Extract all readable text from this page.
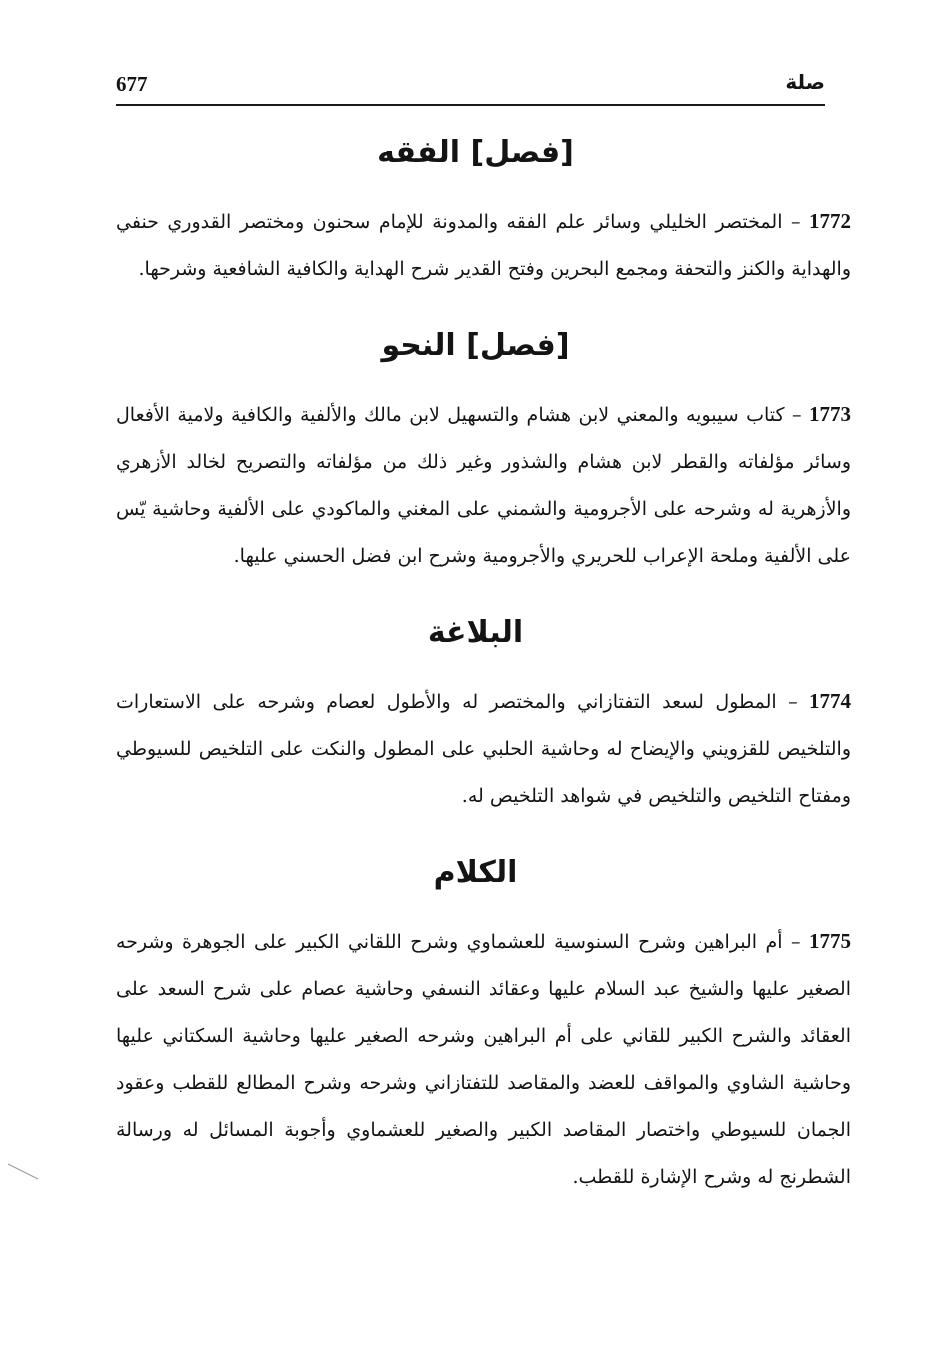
677	صلة
[فصل] الفقه

1772 – المختصر الخليلي وسائر علم الفقه والمدونة للإمام سحنون ومختصر القدوري حنفي والهداية والكنز والتحفة ومجمع البحرين وفتح القدير شرح الهداية والكافية الشافعية وشرحها.

[فصل] النحو

1773 – كتاب سيبويه والمعني لابن هشام والتسهيل لابن مالك والألفية والكافية ولامية الأفعال وسائر مؤلفاته والقطر لابن هشام والشذور وغير ذلك من مؤلفاته والتصريح لخالد الأزهري والأزهرية له وشرحه على الأجرومية والشمني على المغني والماكودي على الألفية وحاشية يّس على الألفية وملحة الإعراب للحريري والأجرومية وشرح ابن فضل الحسني عليها.

البلاغة

1774 – المطول لسعد التفتازاني والمختصر له والأطول لعصام وشرحه على الاستعارات والتلخيص للقزويني والإيضاح له وحاشية الحلبي على المطول والنكت على التلخيص للسيوطي ومفتاح التلخيص والتلخيص في شواهد التلخيص له.

الكلام

1775 – أم البراهين وشرح السنوسية للعشماوي وشرح اللقاني الكبير على الجوهرة وشرحه الصغير عليها والشيخ عبد السلام عليها وعقائد النسفي وحاشية عصام على شرح السعد على العقائد والشرح الكبير للقاني على أم البراهين وشرحه الصغير عليها وحاشية السكتاني عليها وحاشية الشاوي والمواقف للعضد والمقاصد للتفتازاني وشرحه وشرح المطالع للقطب وعقود الجمان للسيوطي واختصار المقاصد الكبير والصغير للعشماوي وأجوبة المسائل له ورسالة الشطرنج له وشرح الإشارة للقطب.
